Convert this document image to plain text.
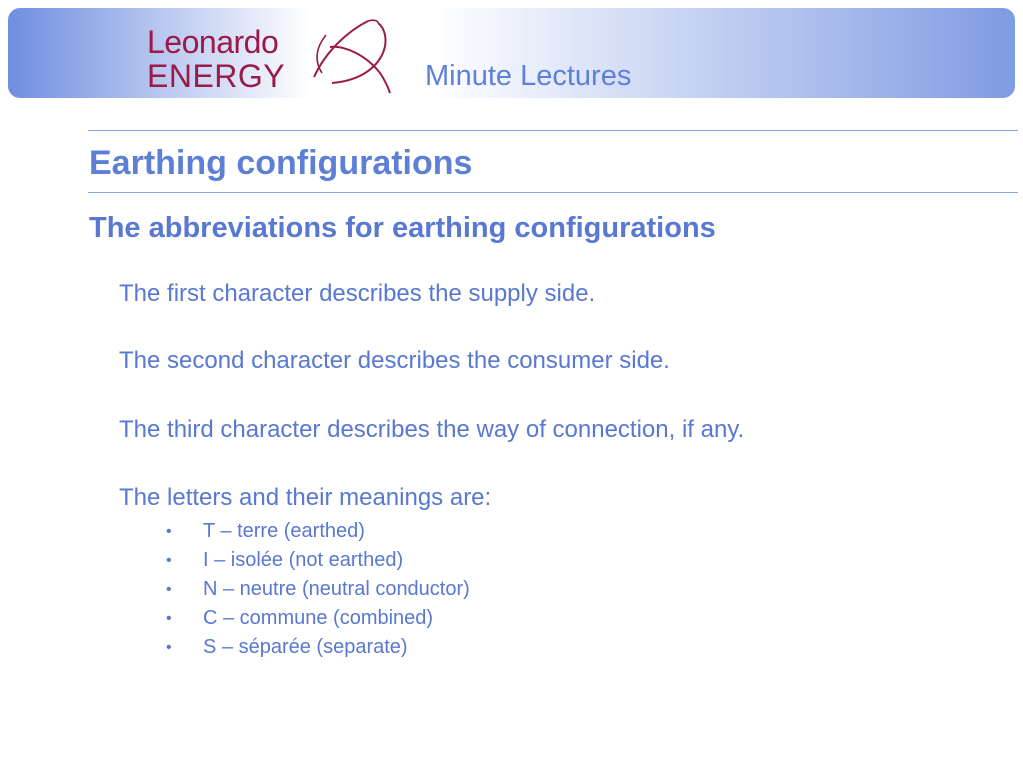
Leonardo
ENERGY	Minute Lectures
Earthing configurations
The abbreviations for earthing configurations
The first character describes the supply side.
The second character describes the consumer side.
The third character describes the way of connection, if any.
The letters and their meanings are:
• T – terre (earthed)
• I – isolée (not earthed)
• N – neutre (neutral conductor)
• C – commune (combined)
• S – séparée (separate)
